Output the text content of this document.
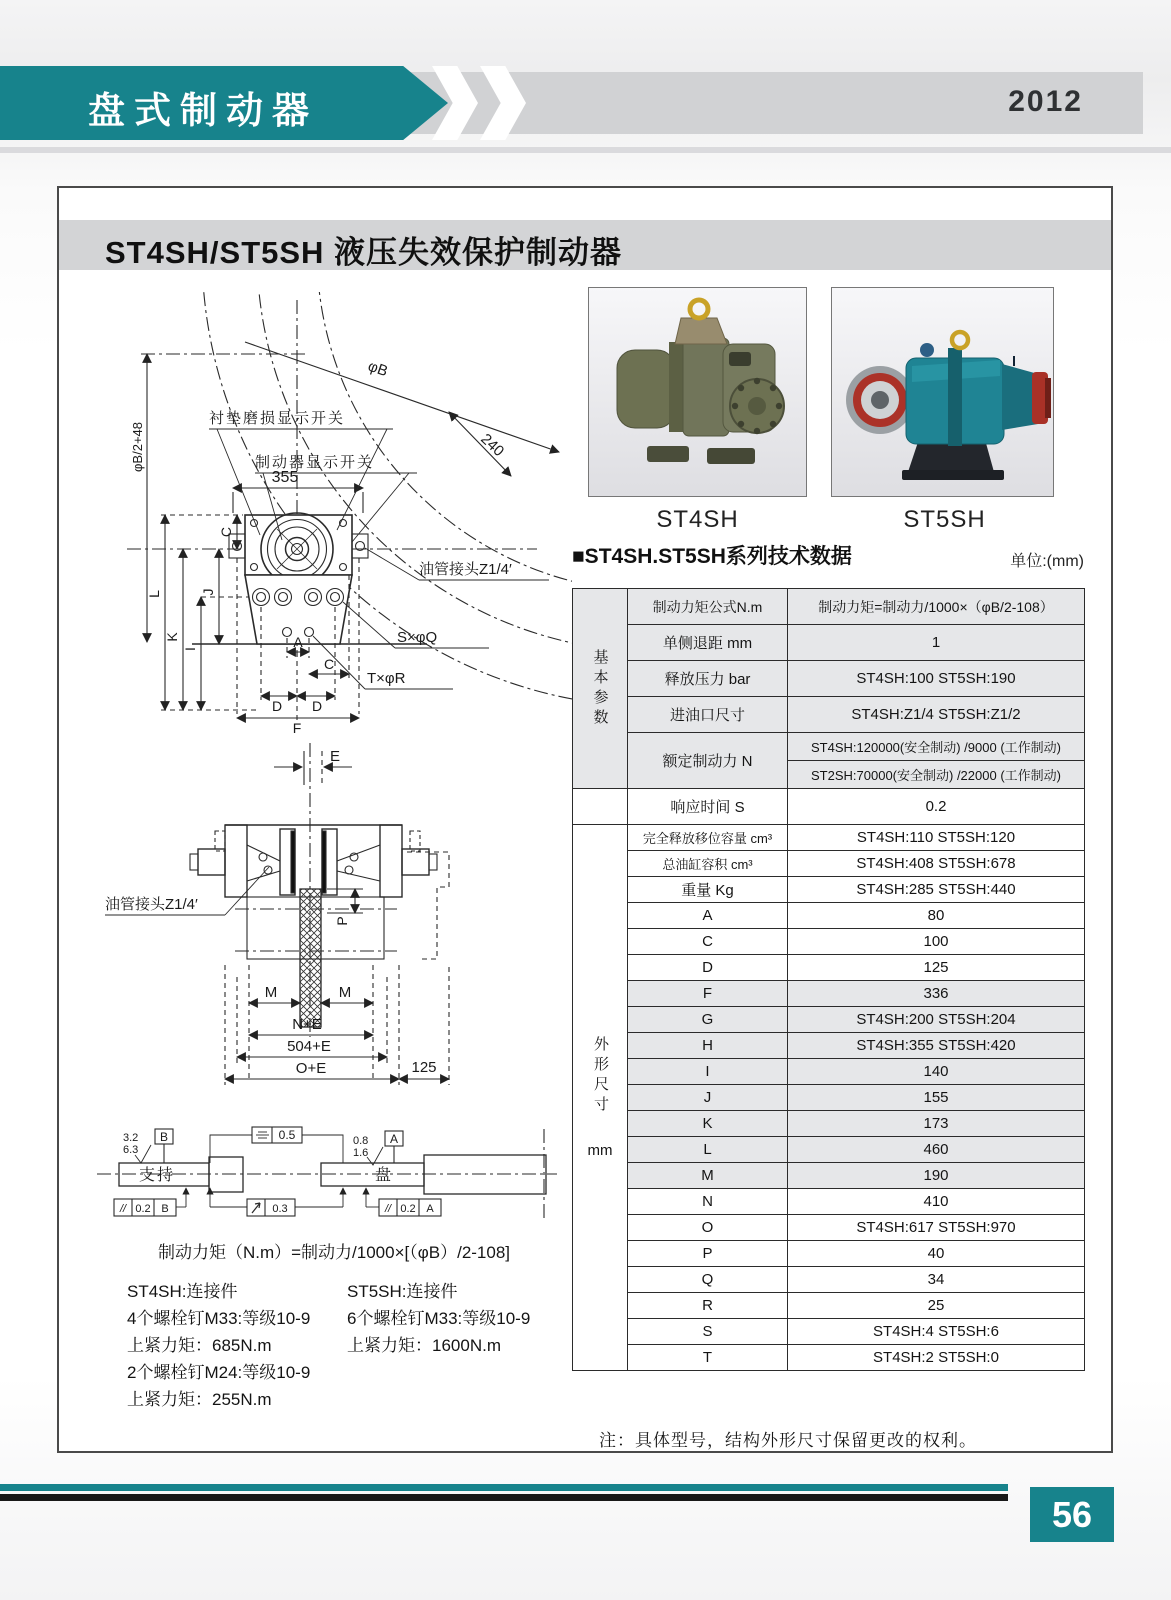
盘式制动器	2012
ST4SH/ST5SH 液压失效保护制动器
φB
240
φB/2+48
L
K
I
J
C
355
A
C
D D
F
衬垫磨损显示开关
制动器显示开关
油管接头Z1/4′
S×φQ
T×φR
E
P
M	M
N+E
504+E
O+E	125
油管接头Z1/4′
3.2
6.3
B	0.5	0.8
1.6
A
支持	盘
// 0.2 B	0.3	// 0.2 A
制动力矩（N.m）=制动力/1000×[（φB）/2-108]
ST4SH:连接件
4个螺栓钉M33:等级10-9
上紧力矩：685N.m
2个螺栓钉M24:等级10-9
上紧力矩：255N.m
ST5SH:连接件
6个螺栓钉M33:等级10-9
上紧力矩：1600N.m
ST4SH	ST5SH
■ST4SH.ST5SH系列技术数据	单位:(mm)
基本参数	制动力矩公式N.m	制动力矩=制动力/1000×（φB/2-108）
	单侧退距 mm	1
	释放压力 bar	ST4SH:100 ST5SH:190
	进油口尺寸	ST4SH:Z1/4 ST5SH:Z1/2
	额定制动力 N	ST4SH:120000(安全制动) /9000 (工作制动)
		ST2SH:70000(安全制动) /22000 (工作制动)
	响应时间 S	0.2
外形尺寸 mm	完全释放移位容量 cm³	ST4SH:110 ST5SH:120
	总油缸容积 cm³	ST4SH:408 ST5SH:678
	重量 Kg	ST4SH:285 ST5SH:440
	A	80
	C	100
	D	125
	F	336
	G	ST4SH:200 ST5SH:204
	H	ST4SH:355 ST5SH:420
	I	140
	J	155
	K	173
	L	460
	M	190
	N	410
	O	ST4SH:617 ST5SH:970
	P	40
	Q	34
	R	25
	S	ST4SH:4 ST5SH:6
	T	ST4SH:2 ST5SH:0
注：具体型号，结构外形尺寸保留更改的权利。
56
